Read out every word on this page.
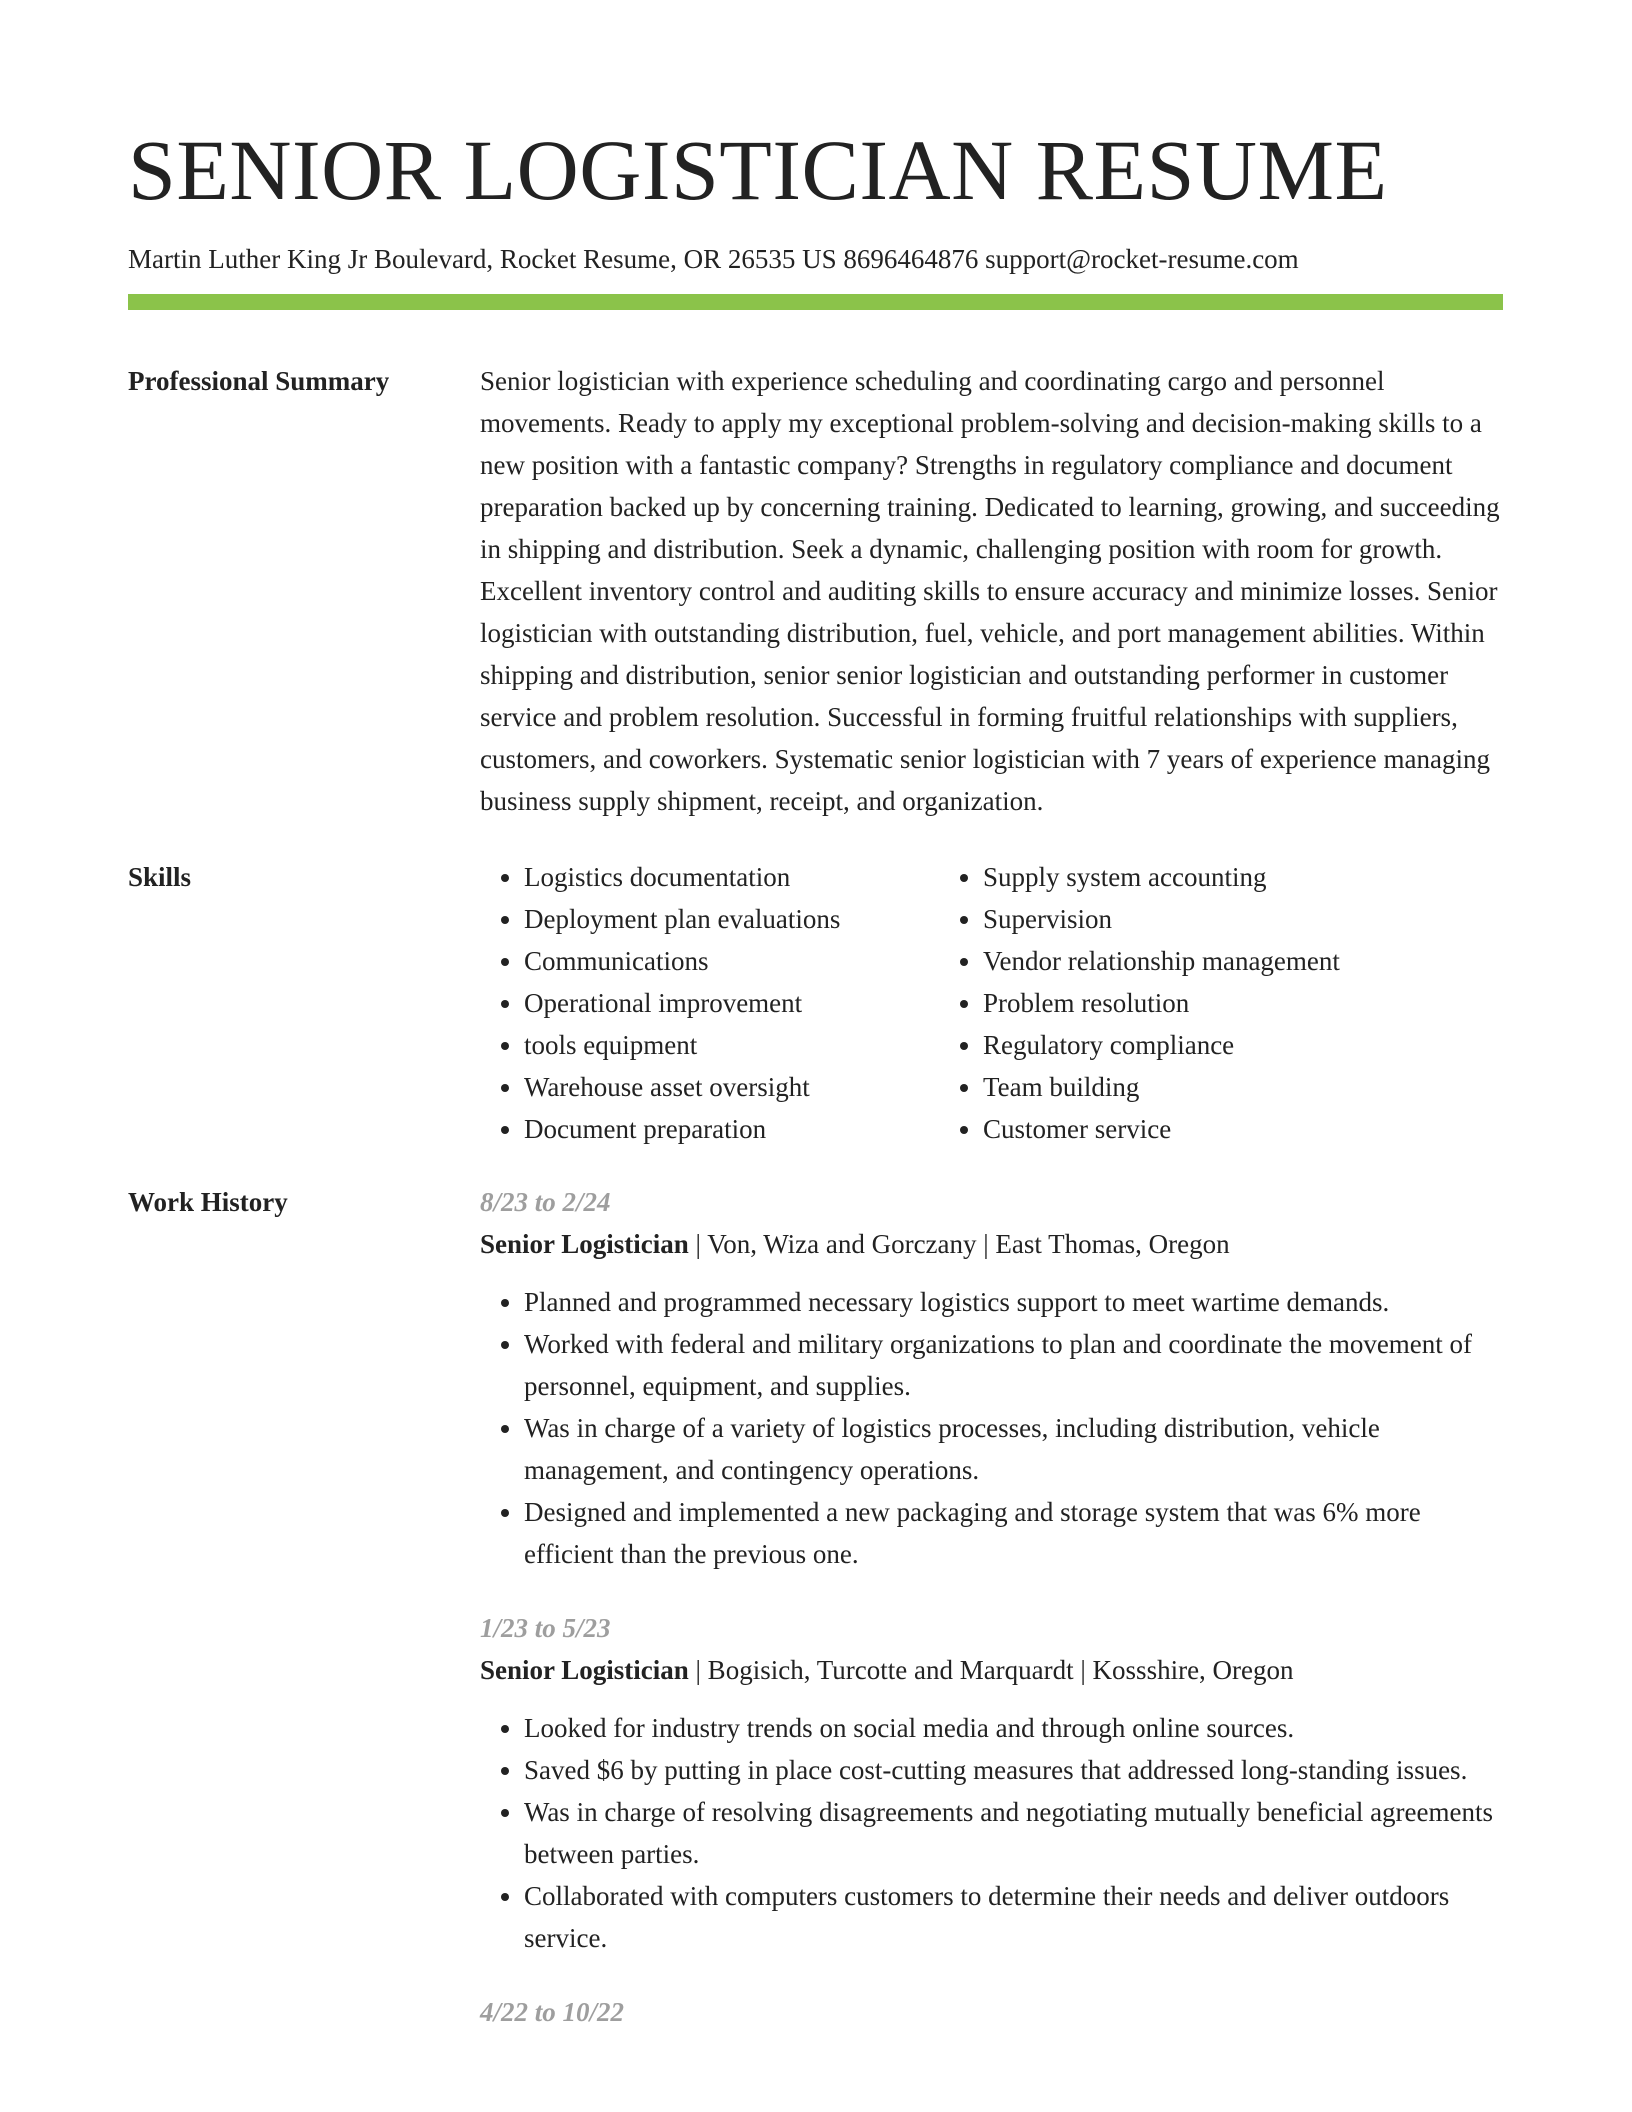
SENIOR LOGISTICIAN RESUME
Martin Luther King Jr Boulevard, Rocket Resume, OR 26535 US 8696464876 support@rocket-resume.com
Professional Summary	Senior logistician with experience scheduling and coordinating cargo and personnel movements. Ready to apply my exceptional problem-solving and decision-making skills to a new position with a fantastic company? Strengths in regulatory compliance and document preparation backed up by concerning training. Dedicated to learning, growing, and succeeding in shipping and distribution. Seek a dynamic, challenging position with room for growth. Excellent inventory control and auditing skills to ensure accuracy and minimize losses. Senior logistician with outstanding distribution, fuel, vehicle, and port management abilities. Within shipping and distribution, senior senior logistician and outstanding performer in customer service and problem resolution. Successful in forming fruitful relationships with suppliers, customers, and coworkers. Systematic senior logistician with 7 years of experience managing business supply shipment, receipt, and organization.

Skills
•	Logistics documentation
• Deployment plan evaluations
• Communications
• Operational improvement
• tools equipment
• Warehouse asset oversight
• Document preparation
• Supply system accounting
• Supervision
• Vendor relationship management
• Problem resolution
• Regulatory compliance
• Team building
• Customer service
Work History	8/23 to 2/24
Senior Logistician | Von, Wiza and Gorczany | East Thomas, Oregon
• Planned and programmed necessary logistics support to meet wartime demands.
• Worked with federal and military organizations to plan and coordinate the movement of personnel, equipment, and supplies.
• Was in charge of a variety of logistics processes, including distribution, vehicle management, and contingency operations.
• Designed and implemented a new packaging and storage system that was 6% more efficient than the previous one.
1/23 to 5/23
Senior Logistician | Bogisich, Turcotte and Marquardt | Kossshire, Oregon
• Looked for industry trends on social media and through online sources.
• Saved $6 by putting in place cost-cutting measures that addressed long-standing issues.
• Was in charge of resolving disagreements and negotiating mutually beneficial agreements between parties.
• Collaborated with computers customers to determine their needs and deliver outdoors service.
4/22 to 10/22
